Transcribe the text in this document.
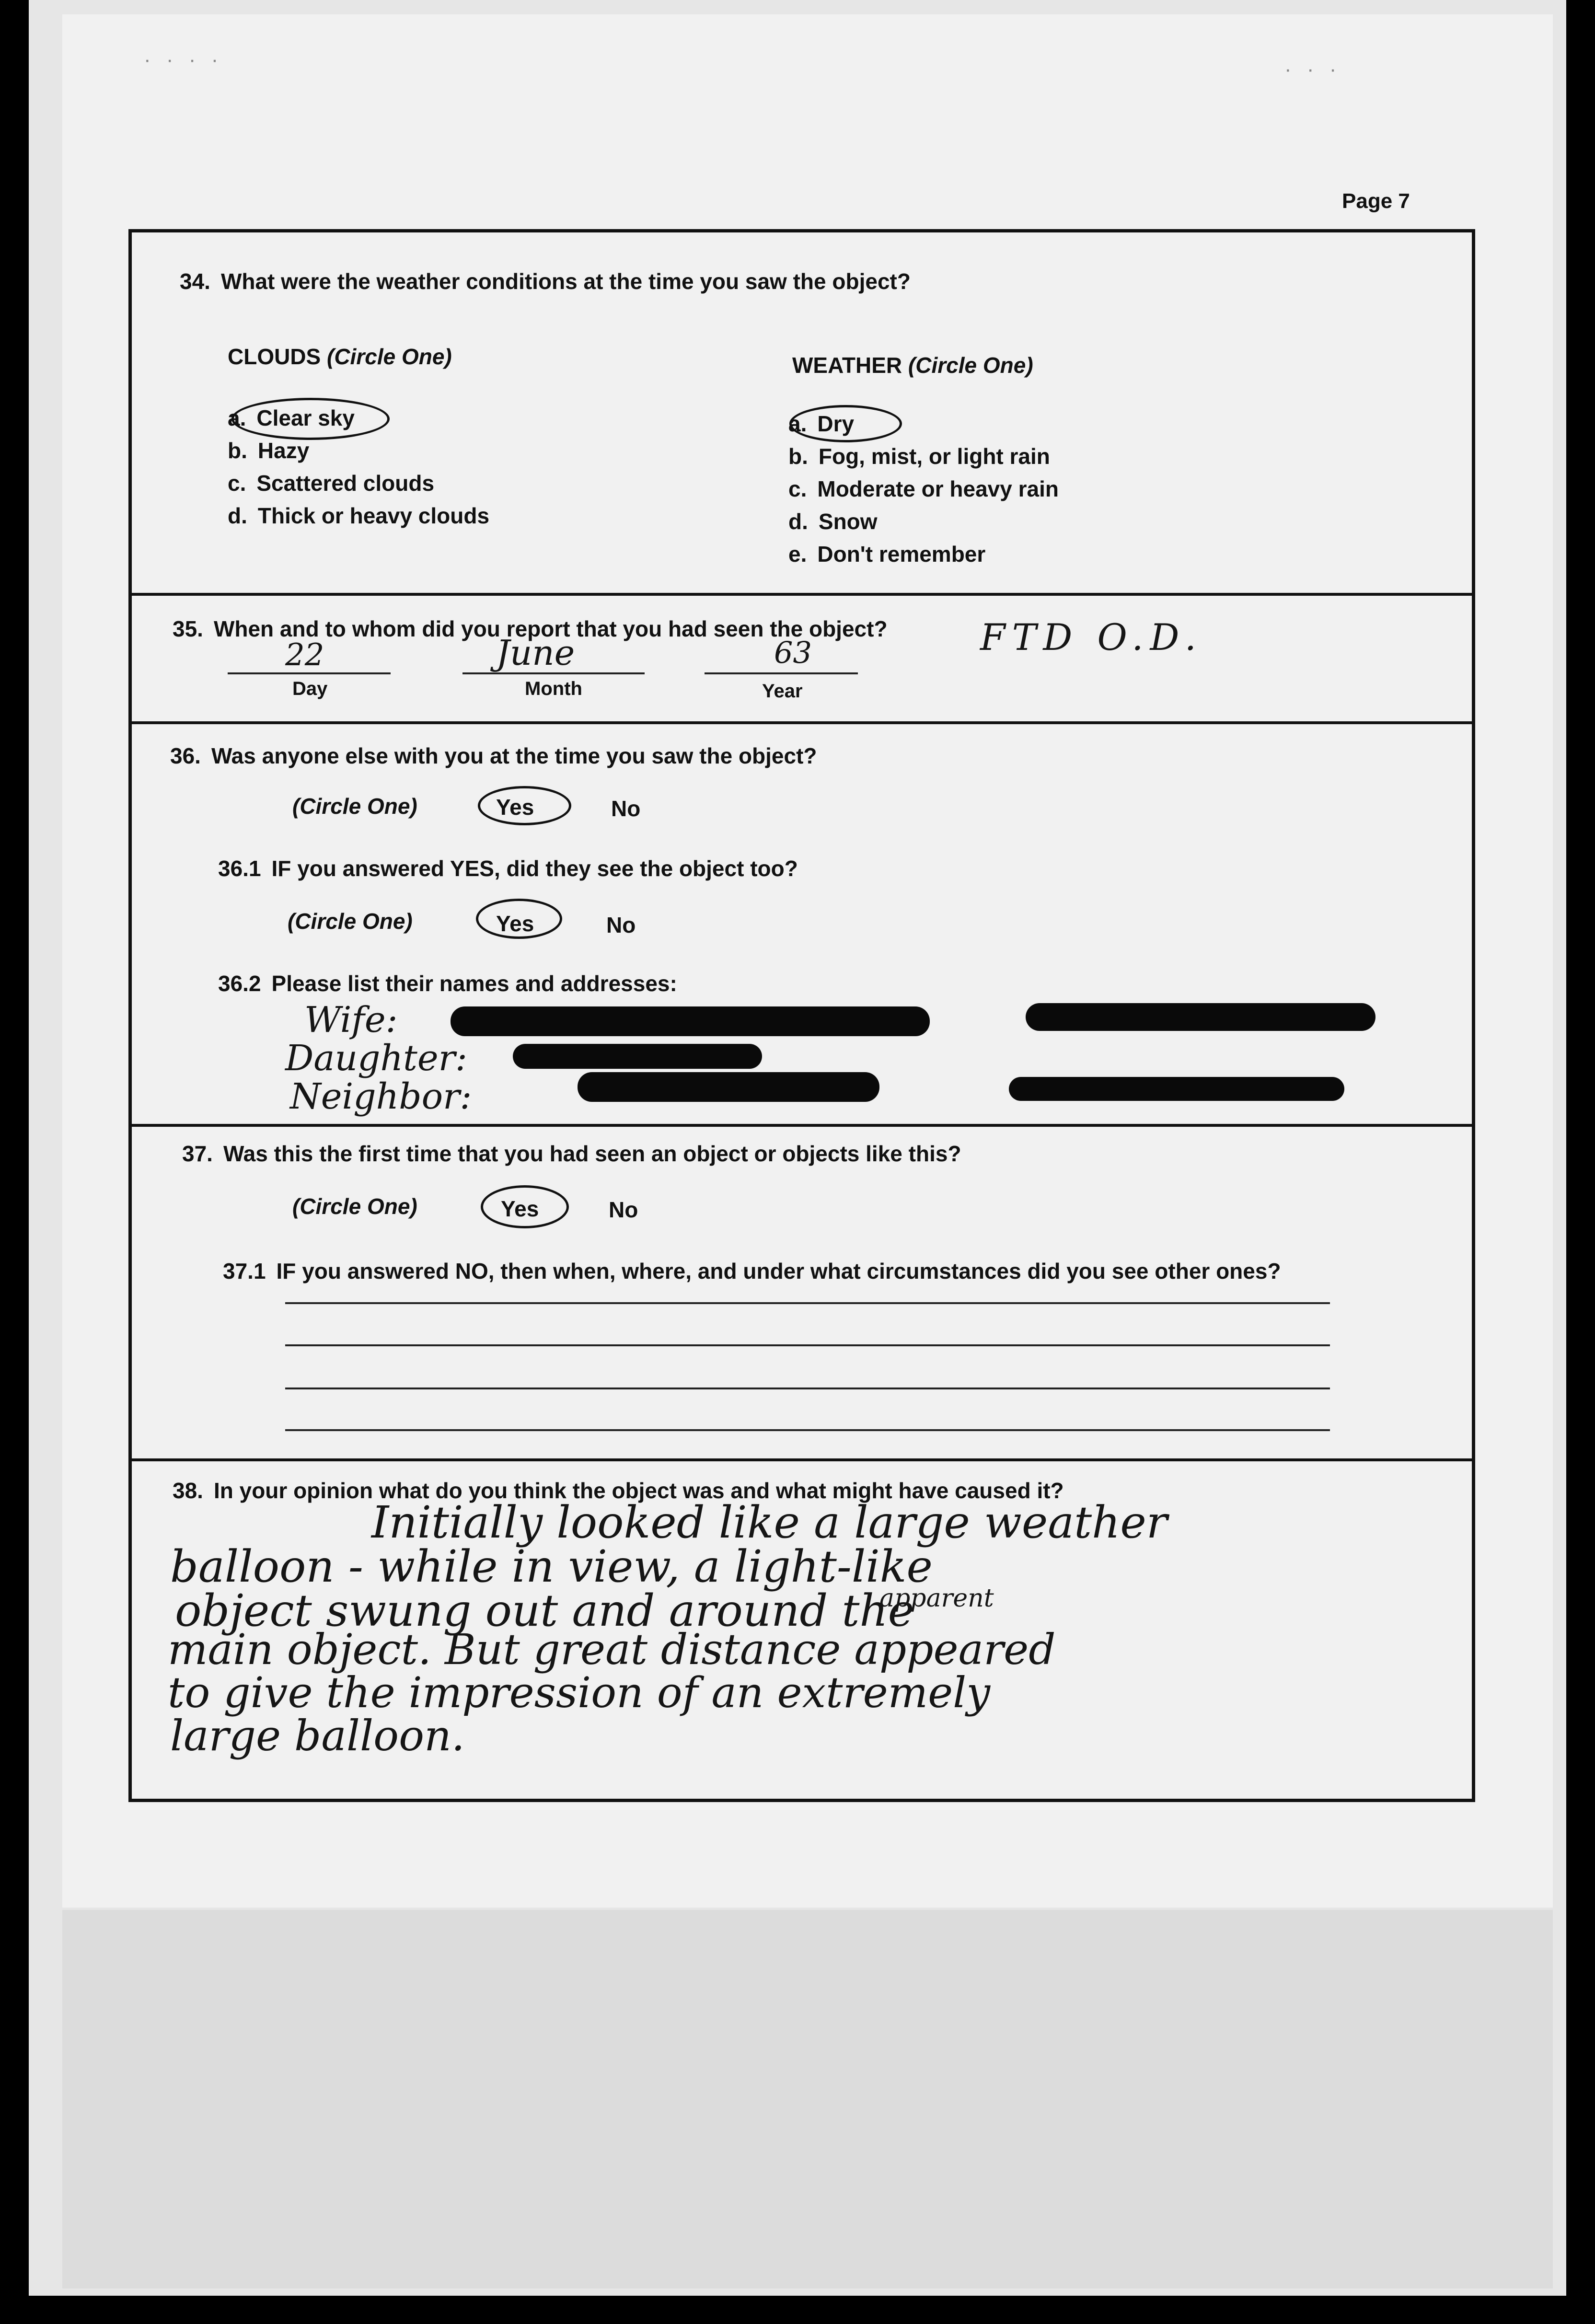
· · · ·	· · ·
Page 7
34. What were the weather conditions at the time you saw the object?
CLOUDS (Circle One)	WEATHER (Circle One)
a. Clear sky
b. Hazy
c. Scattered clouds
d. Thick or heavy clouds
a. Dry
b. Fog, mist, or light rain
c. Moderate or heavy rain
d. Snow
e. Don't remember
35. When and to whom did you report that you had seen the object?
22	June	63	FTD O.D.
Day	Month	Year
36. Was anyone else with you at the time you saw the object?
(Circle One)	Yes	No
36.1 IF you answered YES, did they see the object too?
(Circle One)	Yes	No
36.2 Please list their names and addresses:
Wife:
Daughter:
Neighbor:
37. Was this the first time that you had seen an object or objects like this?
(Circle One)	Yes	No
37.1 IF you answered NO, then when, where, and under what circumstances did you see other ones?
38. In your opinion what do you think the object was and what might have caused it?
Initially looked like a large weather
balloon - while in view, a light-like
object swung out and around the
apparent
main object. But great distance appeared
to give the impression of an extremely
large balloon.
